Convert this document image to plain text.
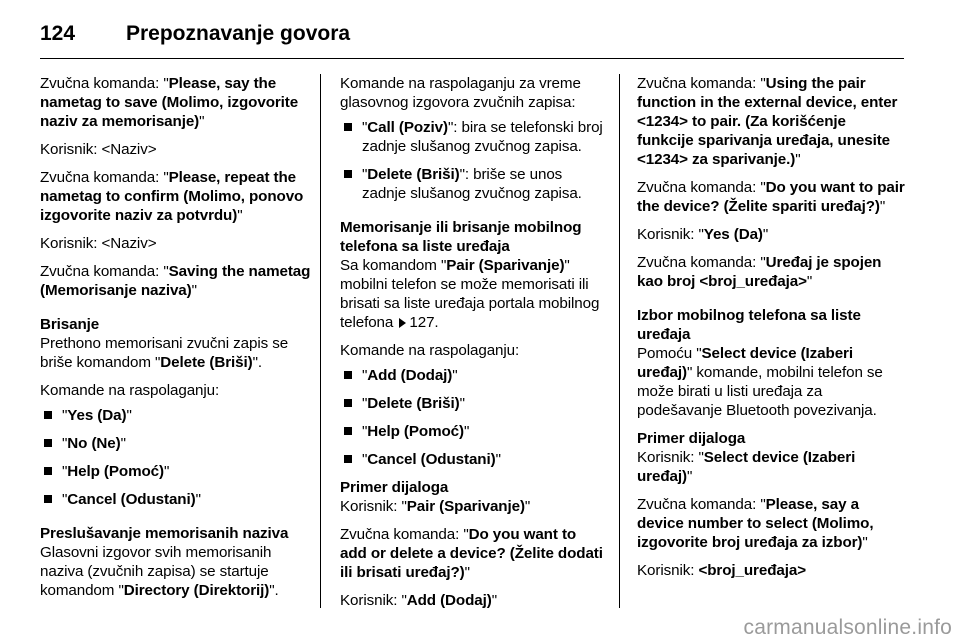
124	Prepoznavanje govora

Zvučna komanda: "Please, say the nametag to save (Molimo, izgovorite naziv za memorisanje)"

Korisnik: <Naziv>

Zvučna komanda: "Please, repeat the nametag to confirm (Molimo, ponovo izgovorite naziv za potvrdu)"

Korisnik: <Naziv>

Zvučna komanda: "Saving the nametag (Memorisanje naziva)"

Brisanje

Prethono memorisani zvučni zapis se briše komandom "Delete (Briši)".

Komande na raspolaganju:

"Yes (Da)"
"No (Ne)"
"Help (Pomoć)"
"Cancel (Odustani)"

Preslušavanje memorisanih naziva

Glasovni izgovor svih memorisanih naziva (zvučnih zapisa) se startuje komandom "Directory (Direktorij)".

Komande na raspolaganju za vreme glasovnog izgovora zvučnih zapisa:

"Call (Poziv)": bira se telefonski broj zadnje slušanog zvučnog zapisa.
"Delete (Briši)": briše se unos zadnje slušanog zvučnog zapisa.

Memorisanje ili brisanje mobilnog telefona sa liste uređaja

Sa komandom "Pair (Sparivanje)" mobilni telefon se može memorisati ili brisati sa liste uređaja portala mobilnog telefona 127.

Komande na raspolaganju:

"Add (Dodaj)"
"Delete (Briši)"
"Help (Pomoć)"
"Cancel (Odustani)"

Primer dijaloga

Korisnik: "Pair (Sparivanje)"

Zvučna komanda: "Do you want to add or delete a device? (Želite dodati ili brisati uređaj?)"

Korisnik: "Add (Dodaj)"

Zvučna komanda: "Using the pair function in the external device, enter <1234> to pair. (Za korišćenje funkcije sparivanja uređaja, unesite <1234> za sparivanje.)"

Zvučna komanda: "Do you want to pair the device? (Želite spariti uređaj?)"

Korisnik: "Yes (Da)"

Zvučna komanda: "Uređaj je spojen kao broj <broj_uređaja>"

Izbor mobilnog telefona sa liste uređaja

Pomoću "Select device (Izaberi uređaj)" komande, mobilni telefon se može birati u listi uređaja za podešavanje Bluetooth povezivanja.

Primer dijaloga

Korisnik: "Select device (Izaberi uređaj)"

Zvučna komanda: "Please, say a device number to select (Molimo, izgovorite broj uređaja za izbor)"

Korisnik: <broj_uređaja>

carmanualsonline.info
